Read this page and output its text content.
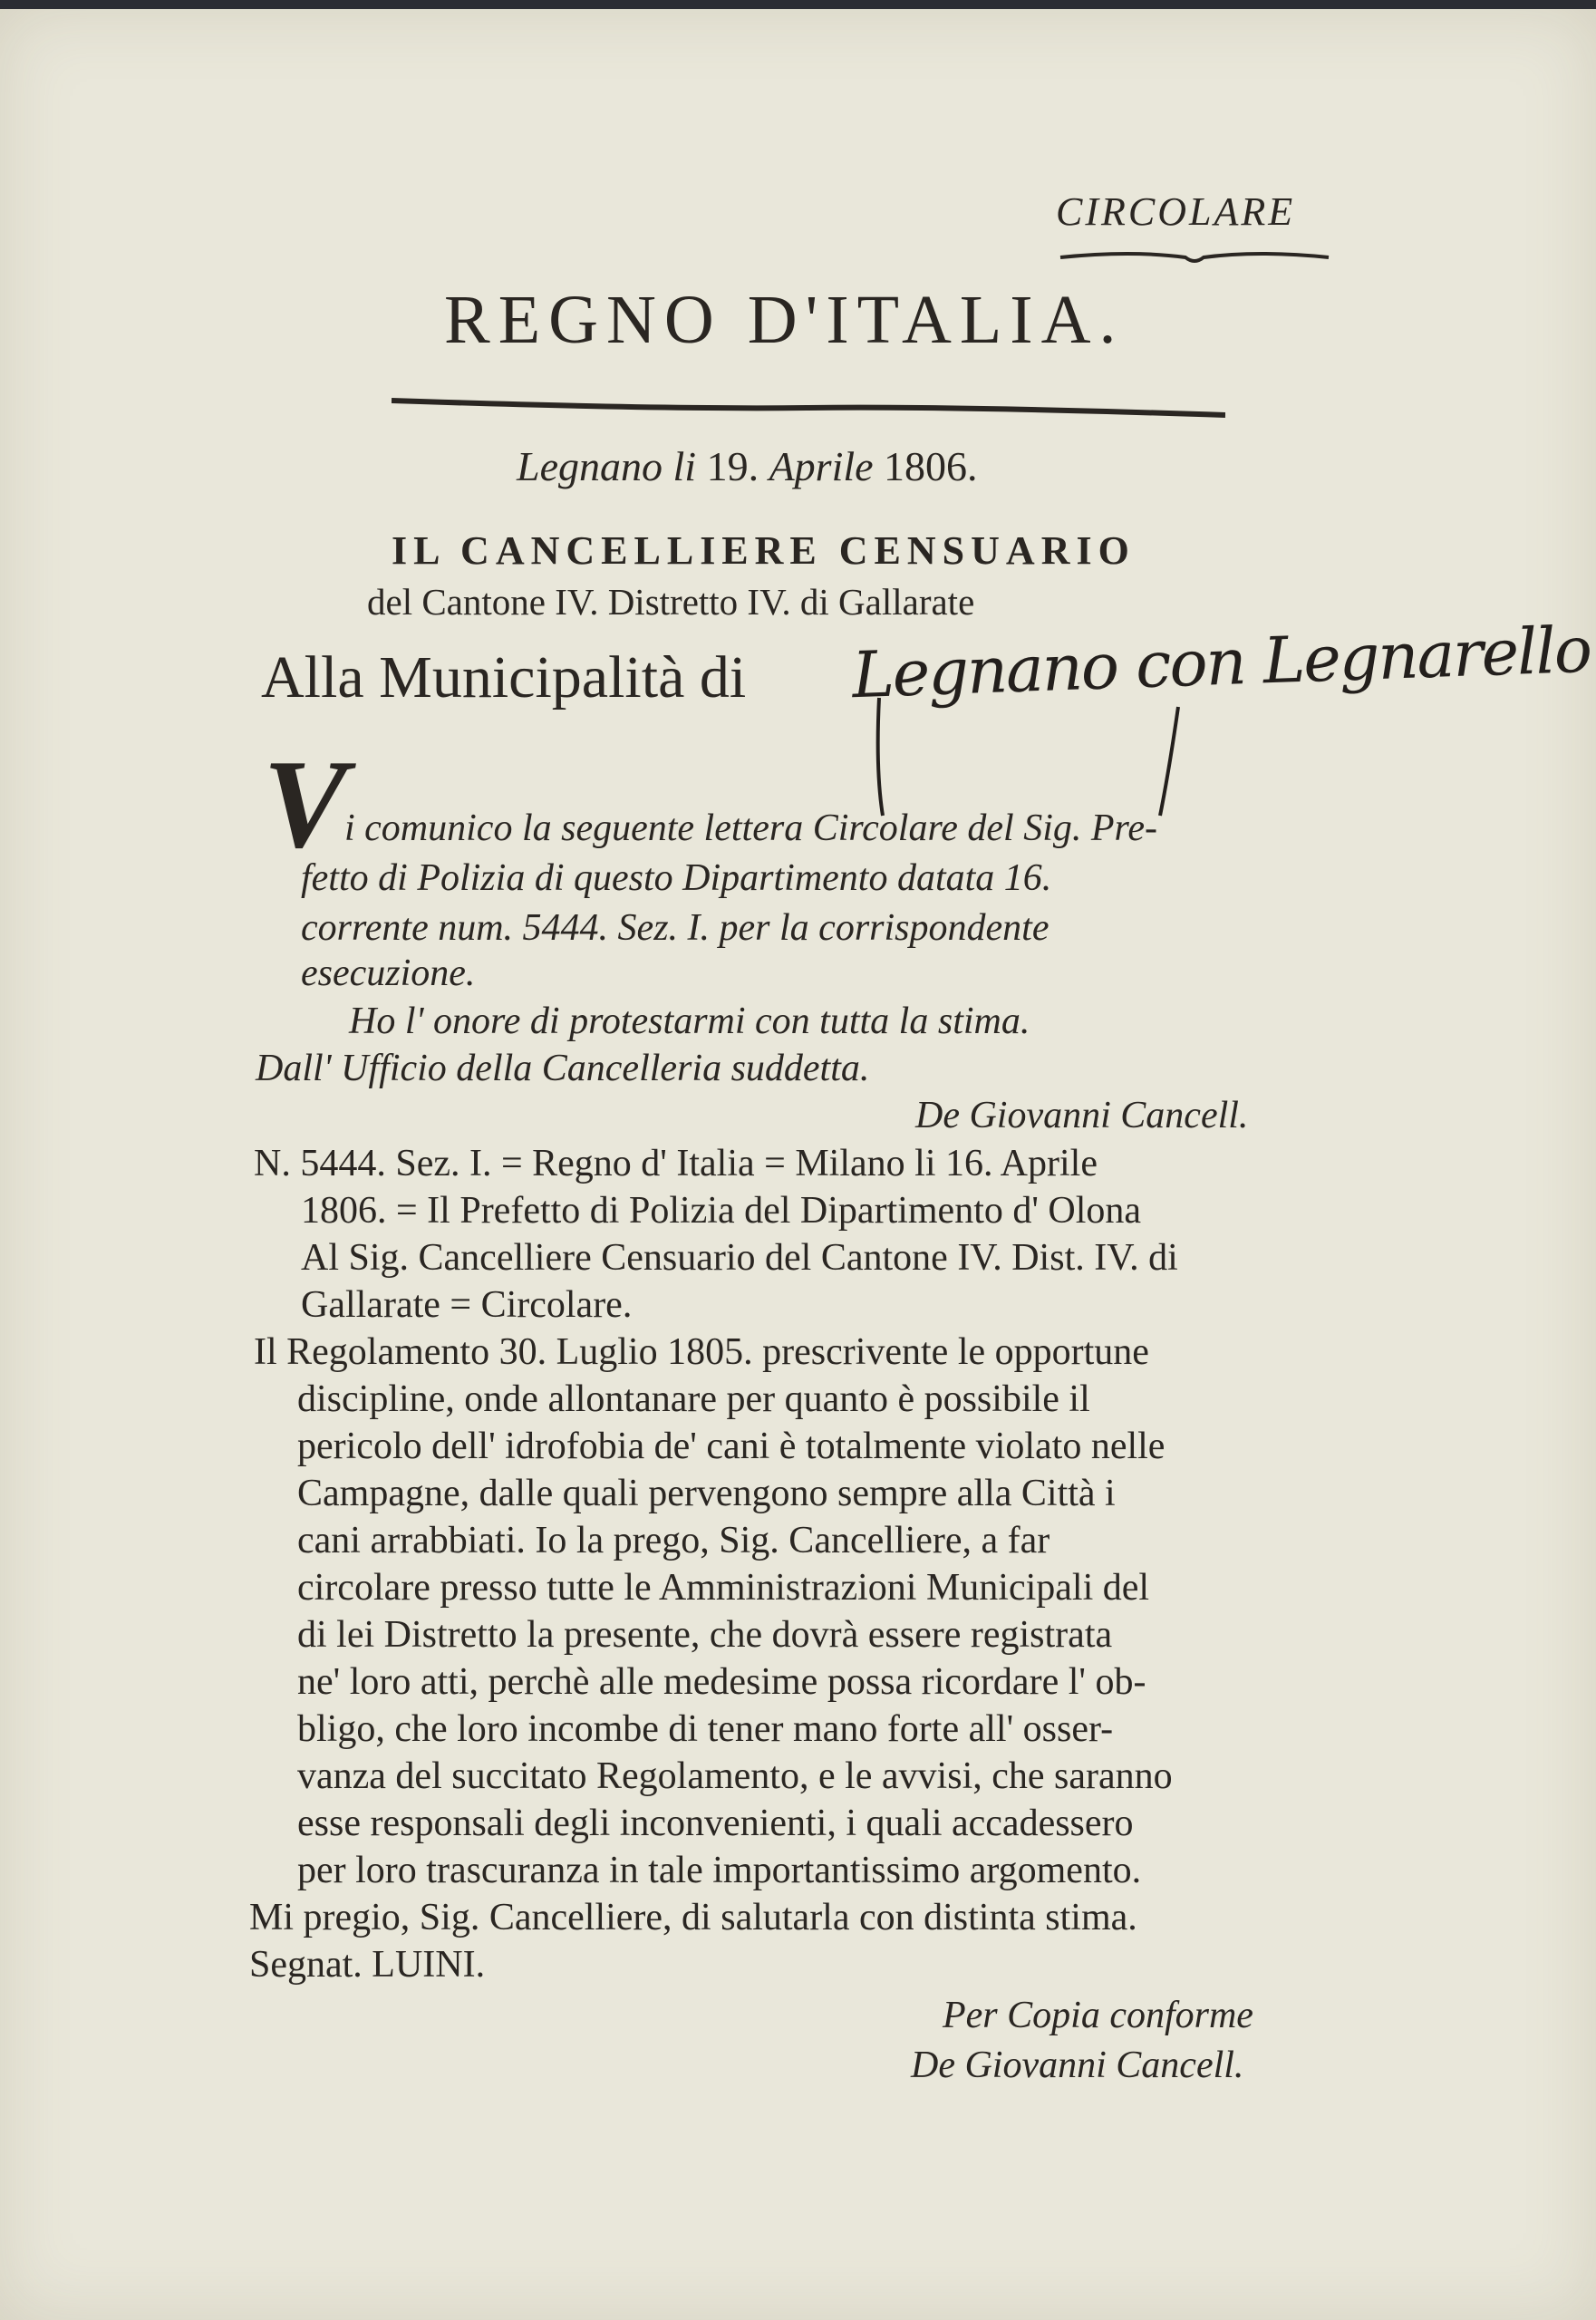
CIRCOLARE
REGNO D'ITALIA.
Legnano li 19. Aprile 1806.
IL CANCELLIERE CENSUARIO
del Cantone IV. Distretto IV. di Gallarate
Alla Municipalità di Legnano con Legnarello
V
i comunico la seguente lettera Circolare del Sig. Pre-
fetto di Polizia di questo Dipartimento datata 16.
corrente num. 5444. Sez. I. per la corrispondente
esecuzione.
Ho l' onore di protestarmi con tutta la stima.
Dall' Ufficio della Cancelleria suddetta.
De Giovanni Cancell.
N. 5444. Sez. I. = Regno d' Italia = Milano li 16. Aprile
1806. = Il Prefetto di Polizia del Dipartimento d' Olona
Al Sig. Cancelliere Censuario del Cantone IV. Dist. IV. di
Gallarate = Circolare.
Il Regolamento 30. Luglio 1805. prescrivente le opportune
discipline, onde allontanare per quanto è possibile il
pericolo dell' idrofobia de' cani è totalmente violato nelle
Campagne, dalle quali pervengono sempre alla Città i
cani arrabbiati. Io la prego, Sig. Cancelliere, a far
circolare presso tutte le Amministrazioni Municipali del
di lei Distretto la presente, che dovrà essere registrata
ne' loro atti, perchè alle medesime possa ricordare l' ob-
bligo, che loro incombe di tener mano forte all' osser-
vanza del succitato Regolamento, e le avvisi, che saranno
esse responsali degli inconvenienti, i quali accadessero
per loro trascuranza in tale importantissimo argomento.
Mi pregio, Sig. Cancelliere, di salutarla con distinta stima.
Segnat. LUINI.
Per Copia conforme
De Giovanni Cancell.
